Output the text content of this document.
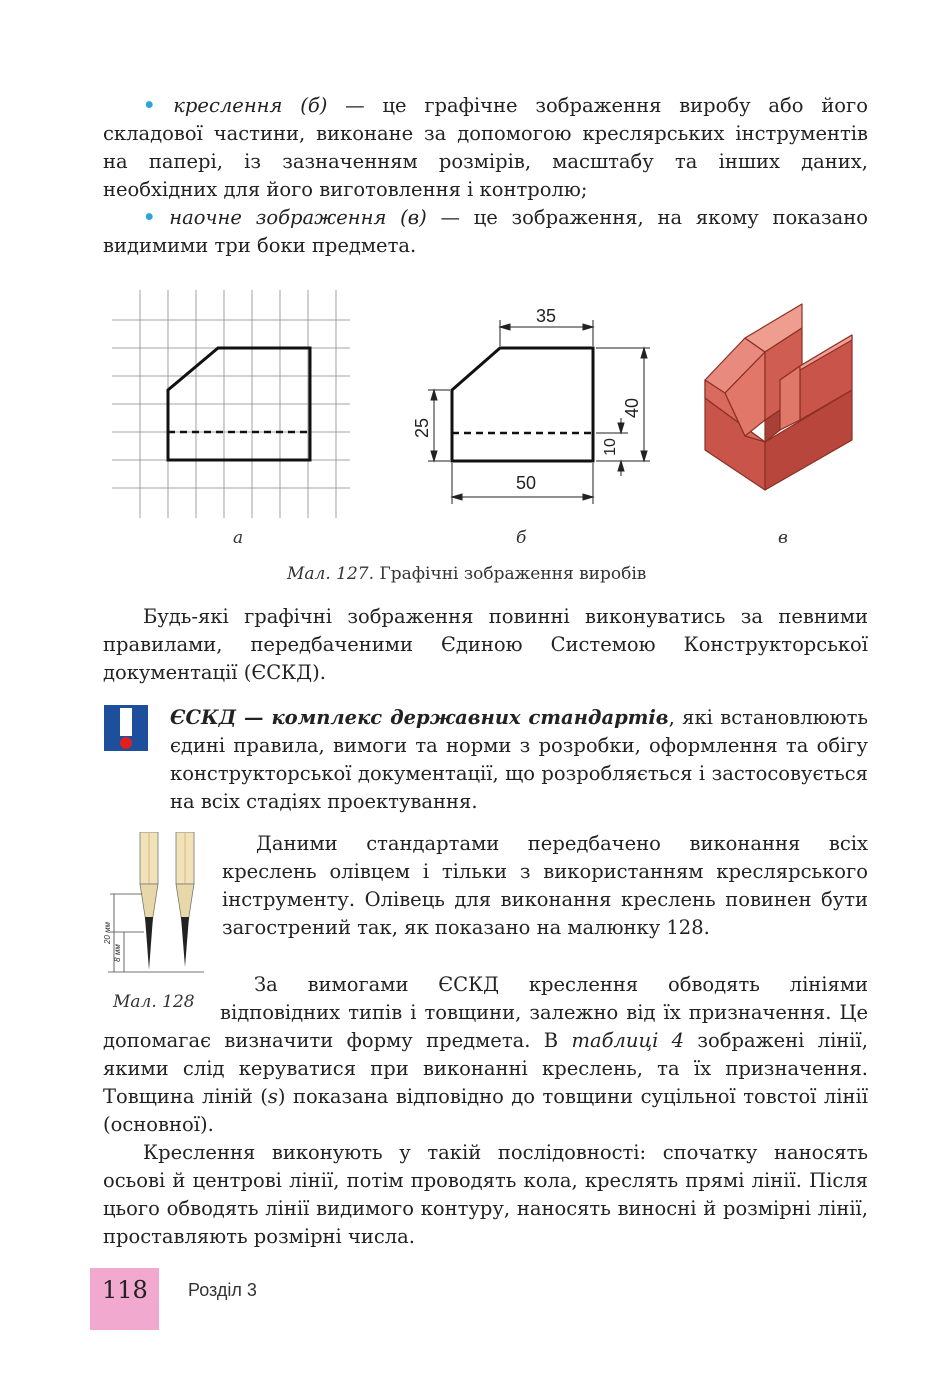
• креслення (б) — це графічне зображення виробу або його складової частини, виконане за допомогою креслярських інструментів на папері, із зазначенням розмірів, масштабу та інших даних, необхідних для його виготовлення і контролю;
• наочне зображення (в) — це зображення, на якому показано видимими три боки предмета.
35
25
40
10
50
а	б	в
Мал. 127. Графічні зображення виробів
Будь-які графічні зображення повинні виконуватись за певними правилами, передбаченими Єдиною Системою Конструкторської документації (ЄСКД).
ЄСКД — комплекс державних стандартів, які встановлюють єдині правила, вимоги та норми з розробки, оформлення та обігу конструкторської документації, що розробляється і застосовується на всіх стадіях проектування.
20 мм
8 мм
Мал. 128
Даними стандартами передбачено виконання всіх креслень олівцем і тільки з використанням креслярського інструменту. Олівець для виконання креслень повинен бути загострений так, як показано на малюнку 128.
За вимогами ЄСКД креслення обводять лініями відповідних типів і товщини, залежно від їх призначення. Це допомагає визначити форму предмета. В таблиці 4 зображені лінії, якими слід керуватися при виконанні креслень, та їх призначення. Товщина ліній (s) показана відповідно до товщини суцільної товстої лінії (основної).
Креслення виконують у такій послідовності: спочатку наносять осьові й центрові лінії, потім проводять кола, креслять прямі лінії. Після цього обводять лінії видимого контуру, наносять виносні й розмірні лінії, проставляють розмірні числа.
118 Розділ 3
